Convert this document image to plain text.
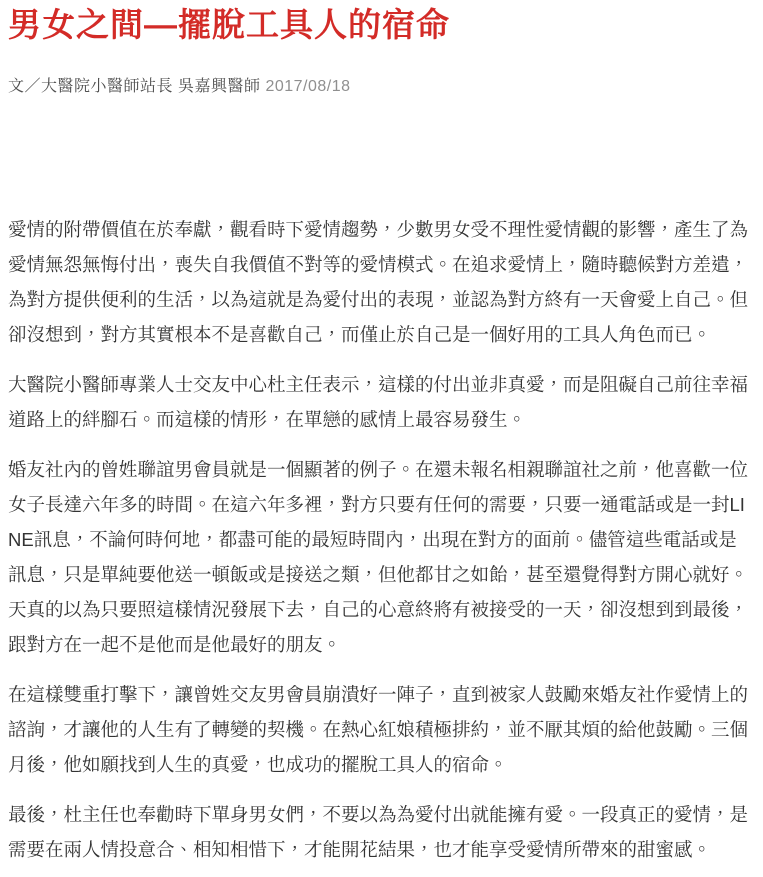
男女之間—擺脫工具人的宿命
文／大醫院小醫師站長 吳嘉興醫師 2017/08/18

愛情的附帶價值在於奉獻，觀看時下愛情趨勢，少數男女受不理性愛情觀的影響，產生了為愛情無怨無悔付出，喪失自我價值不對等的愛情模式。在追求愛情上，隨時聽候對方差遣，為對方提供便利的生活，以為這就是為愛付出的表現，並認為對方終有一天會愛上自己。但卻沒想到，對方其實根本不是喜歡自己，而僅止於自己是一個好用的工具人角色而已。

大醫院小醫師專業人士交友中心杜主任表示，這樣的付出並非真愛，而是阻礙自己前往幸福道路上的絆腳石。而這樣的情形，在單戀的感情上最容易發生。

婚友社內的曾姓聯誼男會員就是一個顯著的例子。在還未報名相親聯誼社之前，他喜歡一位女子長達六年多的時間。在這六年多裡，對方只要有任何的需要，只要一通電話或是一封LINE訊息，不論何時何地，都盡可能的最短時間內，出現在對方的面前。儘管這些電話或是訊息，只是單純要他送一頓飯或是接送之類，但他都甘之如飴，甚至還覺得對方開心就好。天真的以為只要照這樣情況發展下去，自己的心意終將有被接受的一天，卻沒想到到最後，跟對方在一起不是他而是他最好的朋友。

在這樣雙重打擊下，讓曾姓交友男會員崩潰好一陣子，直到被家人鼓勵來婚友社作愛情上的諮詢，才讓他的人生有了轉變的契機。在熱心紅娘積極排約，並不厭其煩的給他鼓勵。三個月後，他如願找到人生的真愛，也成功的擺脫工具人的宿命。

最後，杜主任也奉勸時下單身男女們，不要以為為愛付出就能擁有愛。一段真正的愛情，是需要在兩人情投意合、相知相惜下，才能開花結果，也才能享受愛情所帶來的甜蜜感。
